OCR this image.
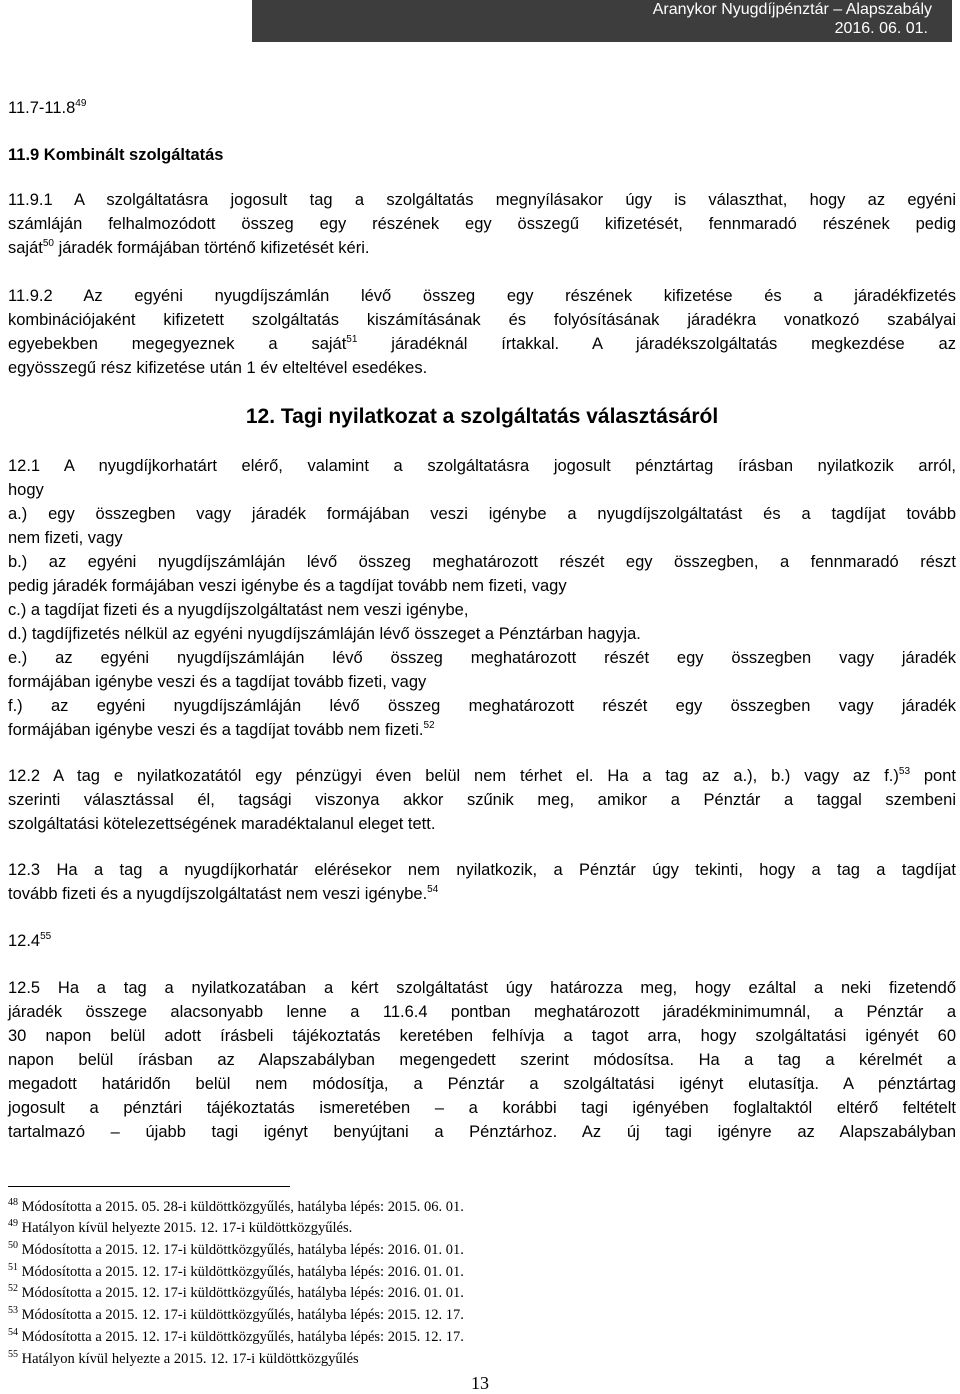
Aranykor Nyugdíjpénztár – Alapszabály
2016. 06. 01.
11.7-11.8$^{49}$
11.9 Kombinált szolgáltatás
11.9.1 A szolgáltatásra jogosult tag a szolgáltatás megnyílásakor úgy is választhat, hogy az egyéni
számláján felhalmozódott összeg egy részének egy összegű kifizetését, fennmaradó részének pedig
saját$^{50}$ járadék formájában történő kifizetését kéri.
11.9.2 Az egyéni nyugdíjszámlán lévő összeg egy részének kifizetése és a járadékfizetés
kombinációjaként kifizetett szolgáltatás kiszámításának és folyósításának járadékra vonatkozó szabályai
egyebekben megegyeznek a saját$^{51}$ járadéknál írtakkal. A járadékszolgáltatás megkezdése az
egyösszegű rész kifizetése után 1 év elteltével esedékes.
12. Tagi nyilatkozat a szolgáltatás választásáról
12.1 A nyugdíjkorhatárt elérő, valamint a szolgáltatásra jogosult pénztártag írásban nyilatkozik arról,
hogy
a.) egy összegben vagy járadék formájában veszi igénybe a nyugdíjszolgáltatást és a tagdíjat tovább
nem fizeti, vagy
b.) az egyéni nyugdíjszámláján lévő összeg meghatározott részét egy összegben, a fennmaradó részt
pedig járadék formájában veszi igénybe és a tagdíjat tovább nem fizeti, vagy
c.) a tagdíjat fizeti és a nyugdíjszolgáltatást nem veszi igénybe,
d.) tagdíjfizetés nélkül az egyéni nyugdíjszámláján lévő összeget a Pénztárban hagyja.
e.) az egyéni nyugdíjszámláján lévő összeg meghatározott részét egy összegben vagy járadék
formájában igénybe veszi és a tagdíjat tovább fizeti, vagy
f.) az egyéni nyugdíjszámláján lévő összeg meghatározott részét egy összegben vagy járadék
formájában igénybe veszi és a tagdíjat tovább nem fizeti.$^{52}$
12.2 A tag e nyilatkozatától egy pénzügyi éven belül nem térhet el. Ha a tag az a.), b.) vagy az f.)$^{53}$ pont
szerinti választással él, tagsági viszonya akkor szűnik meg, amikor a Pénztár a taggal szembeni
szolgáltatási kötelezettségének maradéktalanul eleget tett.
12.3 Ha a tag a nyugdíjkorhatár elérésekor nem nyilatkozik, a Pénztár úgy tekinti, hogy a tag a tagdíjat
tovább fizeti és a nyugdíjszolgáltatást nem veszi igénybe.$^{54}$
12.4$^{55}$
12.5 Ha a tag a nyilatkozatában a kért szolgáltatást úgy határozza meg, hogy ezáltal a neki fizetendő
járadék összege alacsonyabb lenne a 11.6.4 pontban meghatározott járadékminimumnál, a Pénztár a
30 napon belül adott írásbeli tájékoztatás keretében felhívja a tagot arra, hogy szolgáltatási igényét 60
napon belül írásban az Alapszabályban megengedett szerint módosítsa. Ha a tag a kérelmét a
megadott határidőn belül nem módosítja, a Pénztár a szolgáltatási igényt elutasítja. A pénztártag
jogosult a pénztári tájékoztatás ismeretében – a korábbi tagi igényében foglaltaktól eltérő feltételt
tartalmazó – újabb tagi igényt benyújtani a Pénztárhoz. Az új tagi igényre az Alapszabályban
$^{48}$ Módosította a 2015. 05. 28-i küldöttközgyűlés, hatályba lépés: 2015. 06. 01.
$^{49}$ Hatályon kívül helyezte 2015. 12. 17-i küldöttközgyűlés.
$^{50}$ Módosította a 2015. 12. 17-i küldöttközgyűlés, hatályba lépés: 2016. 01. 01.
$^{51}$ Módosította a 2015. 12. 17-i küldöttközgyűlés, hatályba lépés: 2016. 01. 01.
$^{52}$ Módosította a 2015. 12. 17-i küldöttközgyűlés, hatályba lépés: 2016. 01. 01.
$^{53}$ Módosította a 2015. 12. 17-i küldöttközgyűlés, hatályba lépés: 2015. 12. 17.
$^{54}$ Módosította a 2015. 12. 17-i küldöttközgyűlés, hatályba lépés: 2015. 12. 17.
$^{55}$ Hatályon kívül helyezte a 2015. 12. 17-i küldöttközgyűlés
13
